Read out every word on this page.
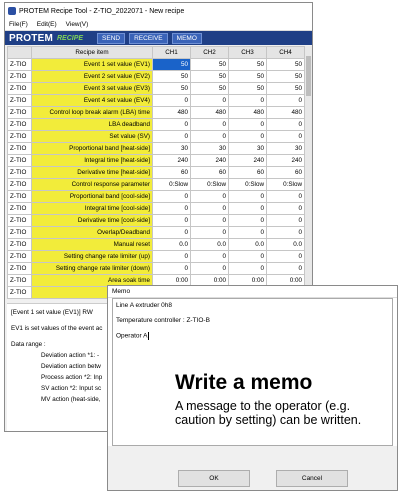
PROTEM Recipe Tool - Z-TIO_2022071 - New recipe
File(F) Edit(E) View(V)
PROTEM RECIPE	SEND	RECEIVE	MEMO
	Recipe item	CH1	CH2	CH3	CH4
Z-TIO	Event 1 set value (EV1)	50	50	50	50
Z-TIO	Event 2 set value (EV2)	50	50	50	50
Z-TIO	Event 3 set value (EV3)	50	50	50	50
Z-TIO	Event 4 set value (EV4)	0	0	0	0
Z-TIO	Control loop break alarm (LBA) time	480	480	480	480
Z-TIO	LBA deadband	0	0	0	0
Z-TIO	Set value (SV)	0	0	0	0
Z-TIO	Proportional band [heat-side]	30	30	30	30
Z-TIO	Integral time [heat-side]	240	240	240	240
Z-TIO	Derivative time [heat-side]	60	60	60	60
Z-TIO	Control response parameter	0:Slow	0:Slow	0:Slow	0:Slow
Z-TIO	Proportional band [cool-side]	0	0	0	0
Z-TIO	Integral time [cool-side]	0	0	0	0
Z-TIO	Derivative time [cool-side]	0	0	0	0
Z-TIO	Overlap/Deadband	0	0	0	0
Z-TIO	Manual reset	0.0	0.0	0.0	0.0
Z-TIO	Setting change rate limiter (up)	0	0	0	0
Z-TIO	Setting change rate limiter (down)	0	0	0	0
Z-TIO	Area soak time	0:00	0:00	0:00	0:00
Z-TIO					
[Event 1 set value (EV1)] RW
EV1 is set values of the event ac
Data range :
Deviation action *1: -
Deviation action betw
Process action *2: Inp
SV action *2: Input sc
MV action (heat-side,
Memo

Line A extruder 0h8

Temperature controller : Z-TIO-B

Operator A

Write a memo
A message to the operator (e.g. caution by setting) can be written.
OK	Cancel
